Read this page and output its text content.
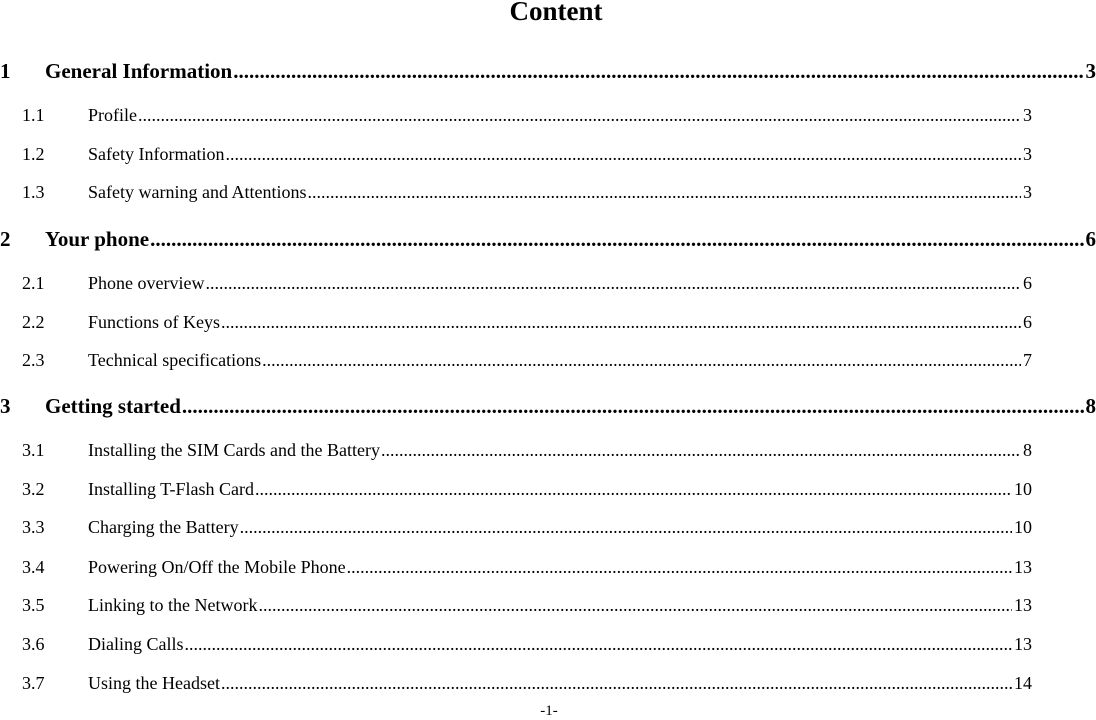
Content
1	General Information .....	3
1.1	Profile .....	3
1.2	Safety Information .....	3
1.3	Safety warning and Attentions .....	3
2	Your phone .....	6
2.1	Phone overview .....	6
2.2	Functions of Keys .....	6
2.3	Technical specifications .....	7
3	Getting started .....	8
3.1	Installing the SIM Cards and the Battery .....	8
3.2	Installing T-Flash Card .....	10
3.3	Charging the Battery .....	10
3.4	Powering On/Off the Mobile Phone .....	13
3.5	Linking to the Network .....	13
3.6	Dialing Calls .....	13
3.7	Using the Headset .....	14
-1-
